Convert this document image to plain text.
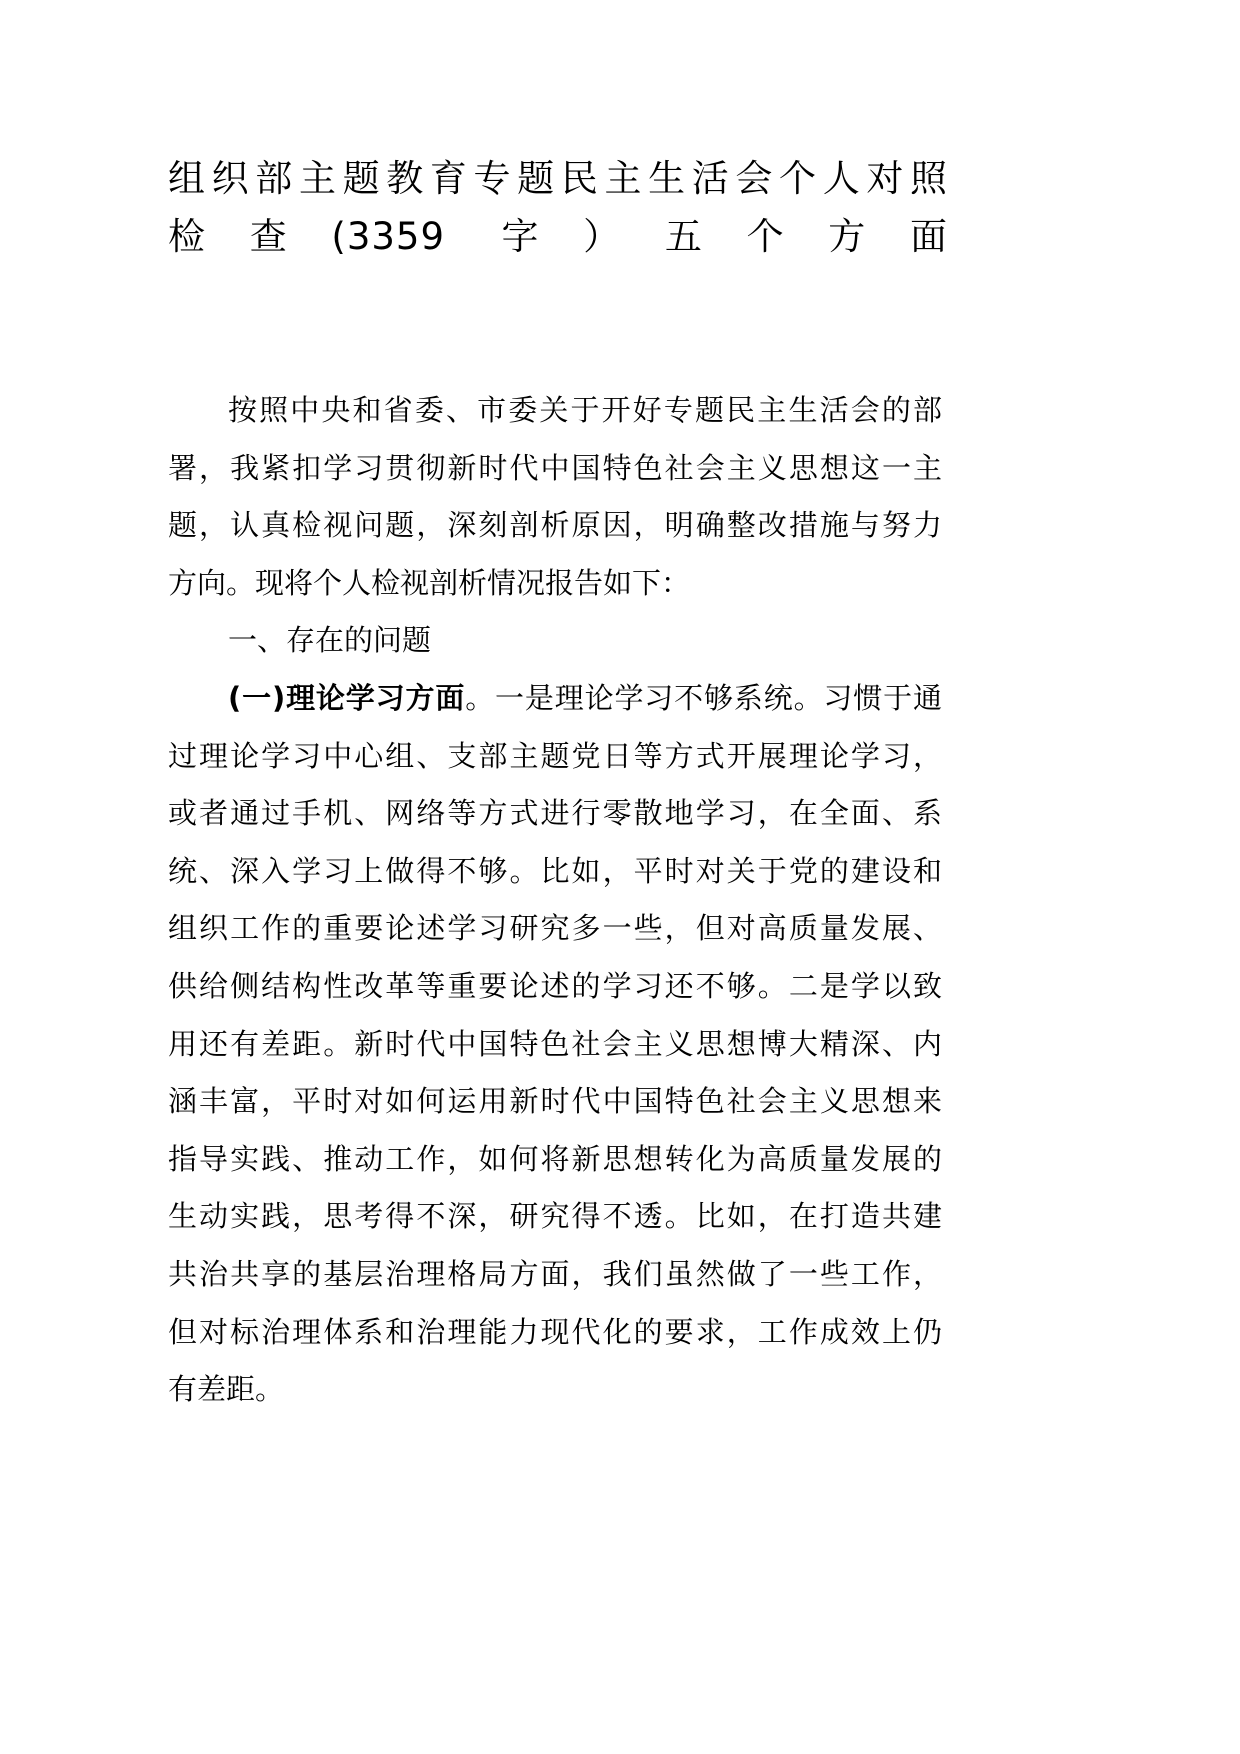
组织部主题教育专题民主生活会个人对照
检查(3359 字）五个方面

按照中央和省委、市委关于开好专题民主生活会的部
署，我紧扣学习贯彻新时代中国特色社会主义思想这一主
题，认真检视问题，深刻剖析原因，明确整改措施与努力
方向。现将个人检视剖析情况报告如下：

一、存在的问题

(一)理论学习方面。一是理论学习不够系统。习惯于通
过理论学习中心组、支部主题党日等方式开展理论学习，
或者通过手机、网络等方式进行零散地学习，在全面、系
统、深入学习上做得不够。比如，平时对关于党的建设和
组织工作的重要论述学习研究多一些，但对高质量发展、
供给侧结构性改革等重要论述的学习还不够。二是学以致
用还有差距。新时代中国特色社会主义思想博大精深、内
涵丰富，平时对如何运用新时代中国特色社会主义思想来
指导实践、推动工作，如何将新思想转化为高质量发展的
生动实践，思考得不深，研究得不透。比如，在打造共建
共治共享的基层治理格局方面，我们虽然做了一些工作，
但对标治理体系和治理能力现代化的要求，工作成效上仍
有差距。
